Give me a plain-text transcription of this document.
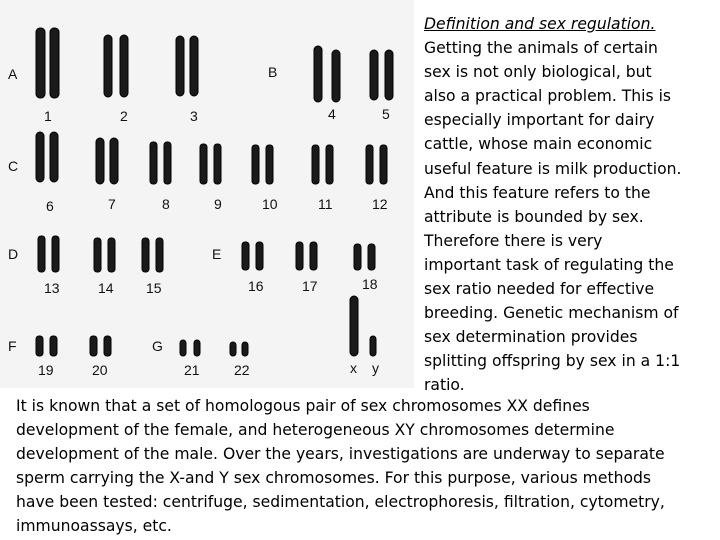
A	B
C
D	E
F	G
1	2	3	4	5
6	7	8	9	10	11	12
13	14 15	16	17	18
19	20	21 22	x y
Definition and sex regulation.
Getting the animals of certain
sex is not only biological, but
also a practical problem. This is
especially important for dairy
cattle, whose main economic
useful feature is milk production.
And this feature refers to the
attribute is bounded by sex.
Therefore there is very
important task of regulating the
sex ratio needed for effective
breeding. Genetic mechanism of
sex determination provides
splitting offspring by sex in a 1:1
ratio.
It is known that a set of homologous pair of sex chromosomes XX defines
development of the female, and heterogeneous XY chromosomes determine
development of the male. Over the years, investigations are underway to separate
sperm carrying the X-and Y sex chromosomes. For this purpose, various methods
have been tested: centrifuge, sedimentation, electrophoresis, filtration, cytometry,
immunoassays, etc.
